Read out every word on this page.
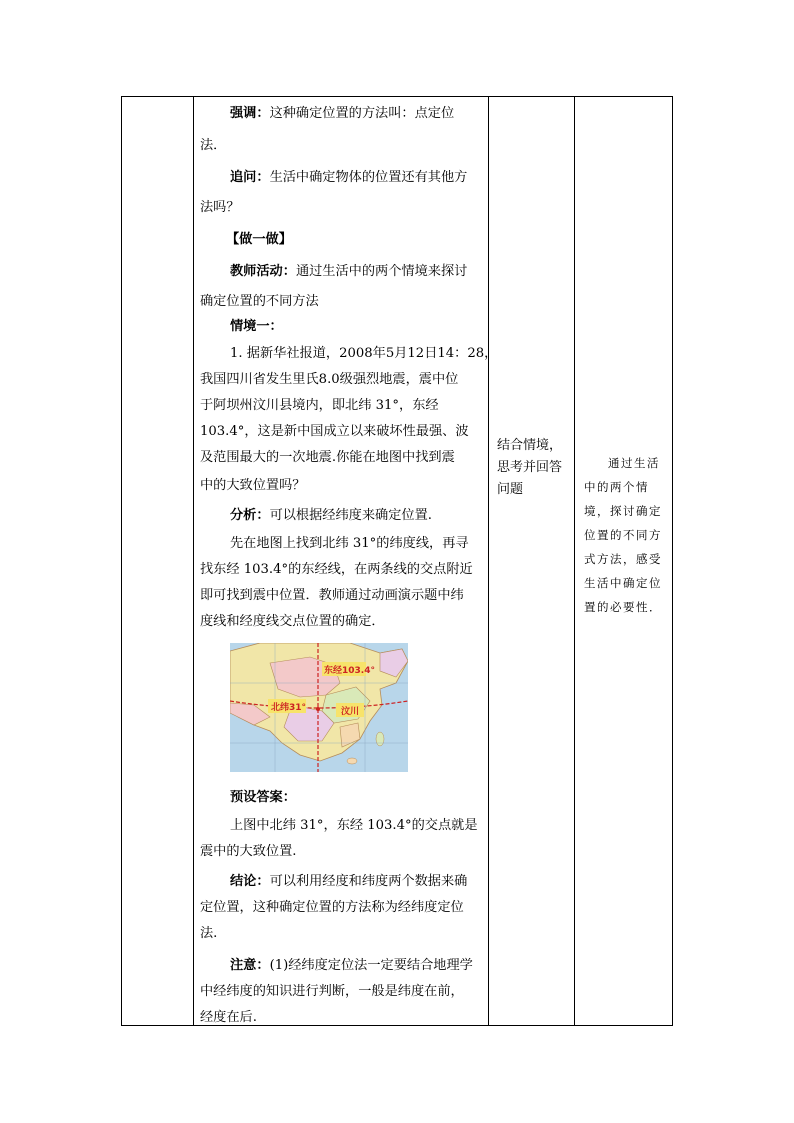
强调：这种确定位置的方法叫：点定位
法．
追问：生活中确定物体的位置还有其他方
法吗？
【做一做】
教师活动：通过生活中的两个情境来探讨
确定位置的不同方法
情境一：
1. 据新华社报道，2008年5月12日14：28，
我国四川省发生里氏8.0级强烈地震，震中位
于阿坝州汶川县境内，即北纬 31°，东经
103.4°，这是新中国成立以来破坏性最强、波
及范围最大的一次地震.你能在地图中找到震
中的大致位置吗？
分析：可以根据经纬度来确定位置.
先在地图上找到北纬 31°的纬度线，再寻
找东经 103.4°的东经线，在两条线的交点附近
即可找到震中位置．教师通过动画演示题中纬
度线和经度线交点位置的确定．
东经103.4°
北纬31°	汶川
预设答案：
上图中北纬 31°，东经 103.4°的交点就是
震中的大致位置.
结论：可以利用经度和纬度两个数据来确
定位置，这种确定位置的方法称为经纬度定位
法.
注意：(1)经纬度定位法一定要结合地理学
中经纬度的知识进行判断，一般是纬度在前，
经度在后.
结合情境，
思考并回答
问题
通过生活
中的两个情
境，探讨确定
位置的不同方
式方法，感受
生活中确定位
置的必要性．
